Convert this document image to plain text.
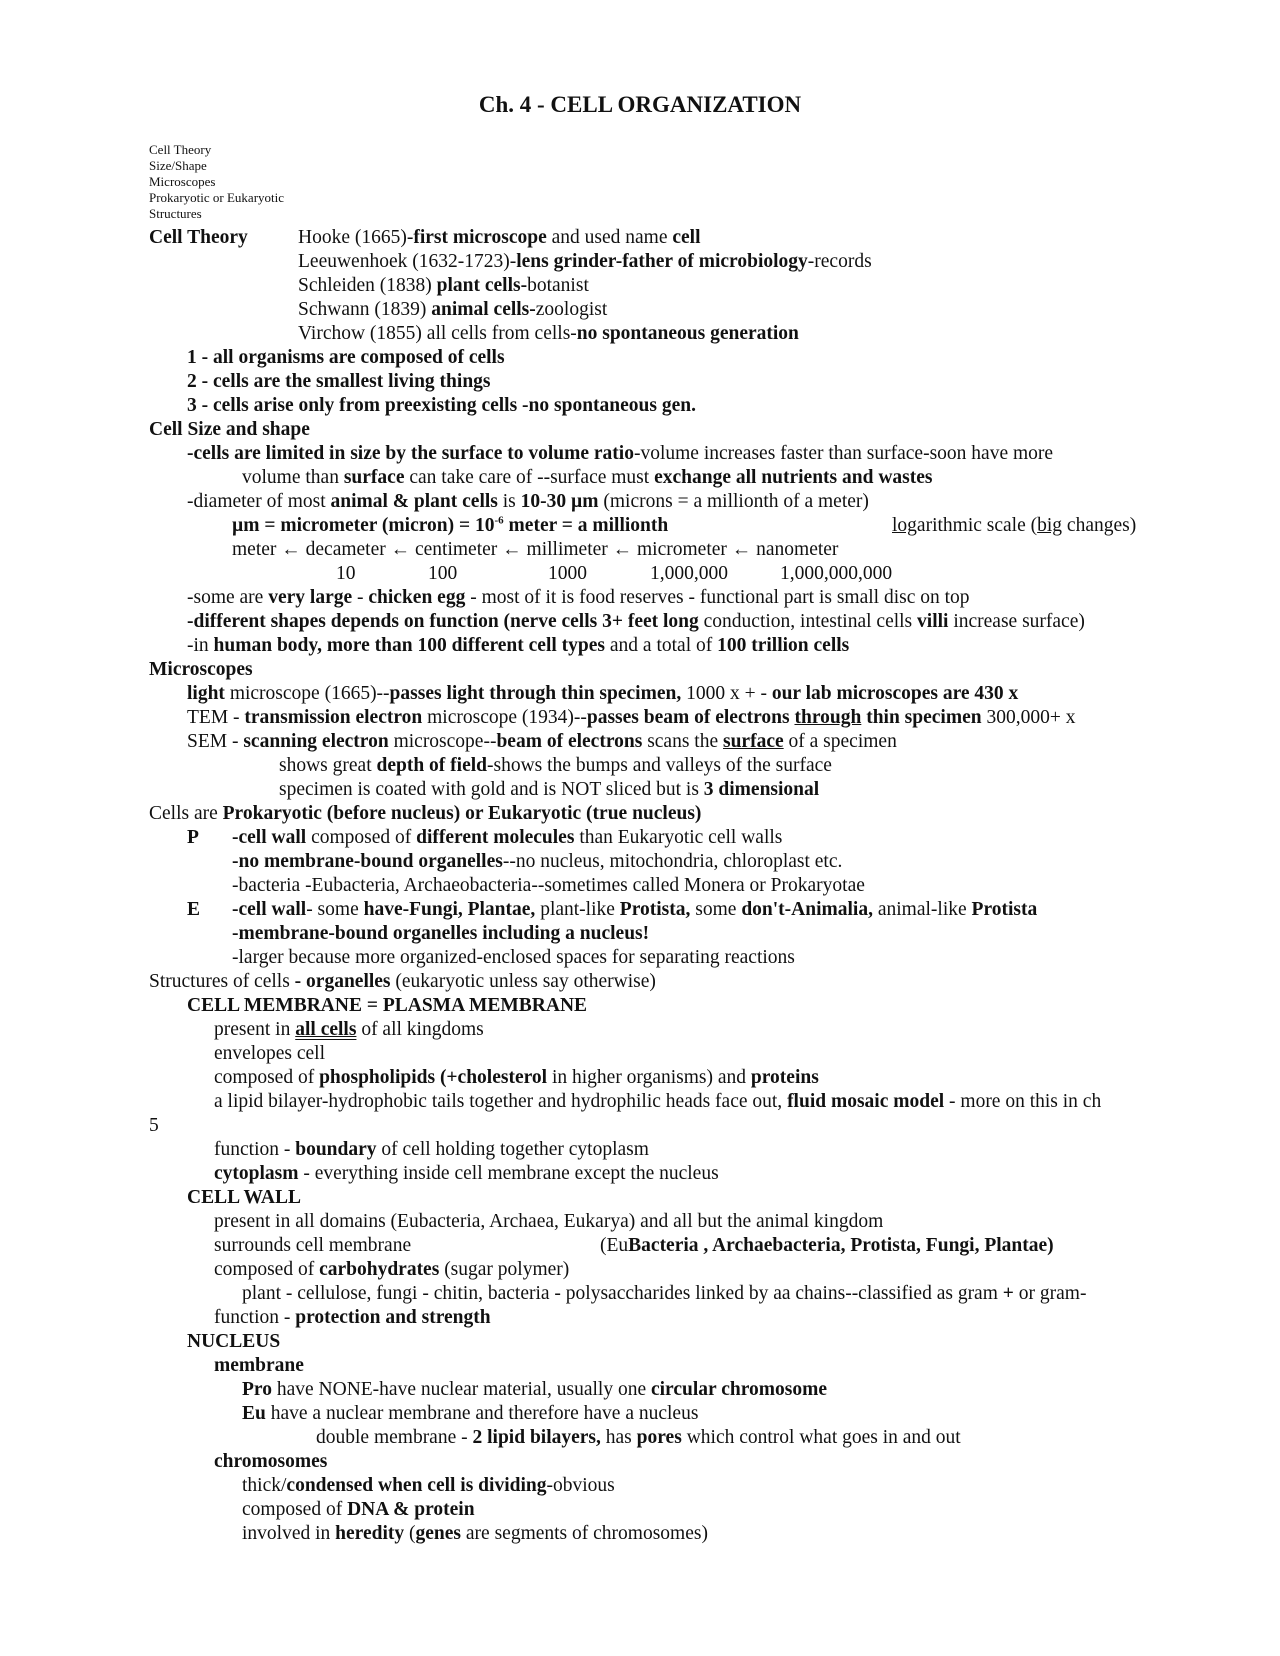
Ch. 4 - CELL ORGANIZATION
Cell Theory
Size/Shape
Microscopes
Prokaryotic or Eukaryotic
Structures
Cell Theory	Hooke (1665)-first microscope and used name cell
Leeuwenhoek (1632-1723)-lens grinder-father of microbiology-records
Schleiden (1838) plant cells-botanist
Schwann (1839) animal cells-zoologist
Virchow (1855) all cells from cells-no spontaneous generation
1 - all organisms are composed of cells
2 - cells are the smallest living things
3 - cells arise only from preexisting cells -no spontaneous gen.
Cell Size and shape
-cells are limited in size by the surface to volume ratio-volume increases faster than surface-soon have more
volume than surface can take care of --surface must exchange all nutrients and wastes
-diameter of most animal & plant cells is 10-30 µm (microns = a millionth of a meter)
µm = micrometer (micron) = $10^{-6}$ meter = a millionth	logarithmic scale (big changes)
meter ← decameter ← centimeter ← millimeter ← micrometer ← nanometer
10	100	1000	1,000,000	1,000,000,000
-some are very large - chicken egg - most of it is food reserves - functional part is small disc on top
-different shapes depends on function (nerve cells 3+ feet long conduction, intestinal cells villi increase surface)
-in human body, more than 100 different cell types and a total of 100 trillion cells
Microscopes
light microscope (1665)--passes light through thin specimen, 1000 x + - our lab microscopes are 430 x
TEM - transmission electron microscope (1934)--passes beam of electrons through thin specimen 300,000+ x
SEM - scanning electron microscope--beam of electrons scans the surface of a specimen
shows great depth of field-shows the bumps and valleys of the surface
specimen is coated with gold and is NOT sliced but is 3 dimensional
Cells are Prokaryotic (before nucleus) or Eukaryotic (true nucleus)
P -cell wall composed of different molecules than Eukaryotic cell walls
-no membrane-bound organelles--no nucleus, mitochondria, chloroplast etc.
-bacteria -Eubacteria, Archaeobacteria--sometimes called Monera or Prokaryotae
E -cell wall- some have-Fungi, Plantae, plant-like Protista, some don't-Animalia, animal-like Protista
-membrane-bound organelles including a nucleus!
-larger because more organized-enclosed spaces for separating reactions
Structures of cells - organelles (eukaryotic unless say otherwise)
CELL MEMBRANE = PLASMA MEMBRANE
present in all cells of all kingdoms
envelopes cell
composed of phospholipids (+cholesterol in higher organisms) and proteins
a lipid bilayer-hydrophobic tails together and hydrophilic heads face out, fluid mosaic model - more on this in ch
5
function - boundary of cell holding together cytoplasm
cytoplasm - everything inside cell membrane except the nucleus
CELL WALL
present in all domains (Eubacteria, Archaea, Eukarya) and all but the animal kingdom
surrounds cell membrane	(EuBacteria , Archaebacteria, Protista, Fungi, Plantae)
composed of carbohydrates (sugar polymer)
plant - cellulose, fungi - chitin, bacteria - polysaccharides linked by aa chains--classified as gram + or gram-
function - protection and strength
NUCLEUS
membrane
Pro have NONE-have nuclear material, usually one circular chromosome
Eu have a nuclear membrane and therefore have a nucleus
double membrane - 2 lipid bilayers, has pores which control what goes in and out
chromosomes
thick/condensed when cell is dividing-obvious
composed of DNA & protein
involved in heredity (genes are segments of chromosomes)
